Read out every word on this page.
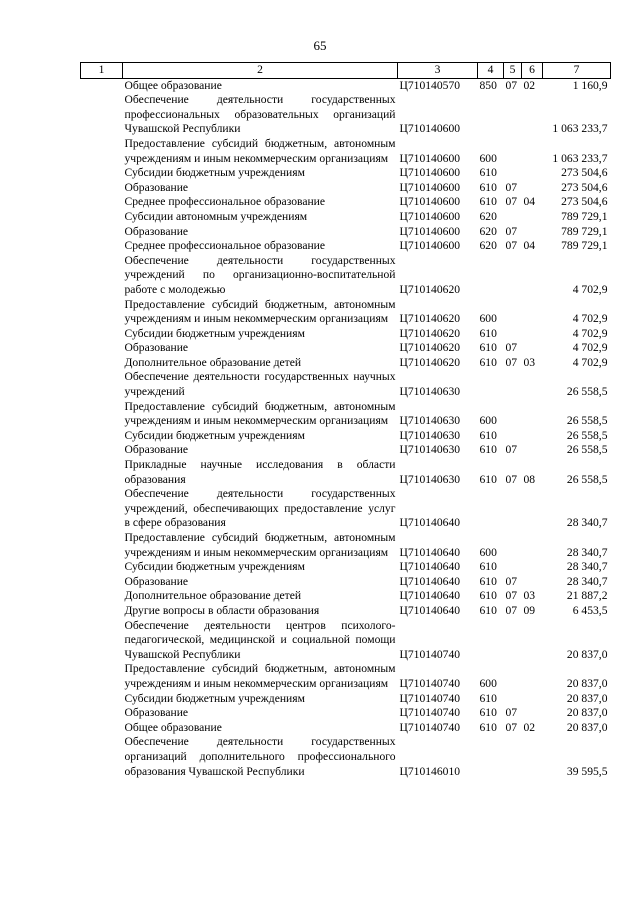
65
1	2	3	4	5	6	7
	Общее образование	Ц710140570	850	07	02	1 160,9
	Обеспечение деятельности государственных профессиональных образовательных организаций Чувашской Республики	Ц710140600				1 063 233,7
	Предоставление субсидий бюджетным, автономным учреждениям и иным некоммерческим организациям	Ц710140600	600			1 063 233,7
	Субсидии бюджетным учреждениям	Ц710140600	610			273 504,6
	Образование	Ц710140600	610	07		273 504,6
	Среднее профессиональное образование	Ц710140600	610	07	04	273 504,6
	Субсидии автономным учреждениям	Ц710140600	620			789 729,1
	Образование	Ц710140600	620	07		789 729,1
	Среднее профессиональное образование	Ц710140600	620	07	04	789 729,1
	Обеспечение деятельности государственных учреждений по организационно-воспитательной работе с молодежью	Ц710140620				4 702,9
	Предоставление субсидий бюджетным, автономным учреждениям и иным некоммерческим организациям	Ц710140620	600			4 702,9
	Субсидии бюджетным учреждениям	Ц710140620	610			4 702,9
	Образование	Ц710140620	610	07		4 702,9
	Дополнительное образование детей	Ц710140620	610	07	03	4 702,9
	Обеспечение деятельности государственных научных учреждений	Ц710140630				26 558,5
	Предоставление субсидий бюджетным, автономным учреждениям и иным некоммерческим организациям	Ц710140630	600			26 558,5
	Субсидии бюджетным учреждениям	Ц710140630	610			26 558,5
	Образование	Ц710140630	610	07		26 558,5
	Прикладные научные исследования в области образования	Ц710140630	610	07	08	26 558,5
	Обеспечение деятельности государственных учреждений, обеспечивающих предоставление услуг в сфере образования	Ц710140640				28 340,7
	Предоставление субсидий бюджетным, автономным учреждениям и иным некоммерческим организациям	Ц710140640	600			28 340,7
	Субсидии бюджетным учреждениям	Ц710140640	610			28 340,7
	Образование	Ц710140640	610	07		28 340,7
	Дополнительное образование детей	Ц710140640	610	07	03	21 887,2
	Другие вопросы в области образования	Ц710140640	610	07	09	6 453,5
	Обеспечение деятельности центров психолого-педагогической, медицинской и социальной помощи Чувашской Республики	Ц710140740				20 837,0
	Предоставление субсидий бюджетным, автономным учреждениям и иным некоммерческим организациям	Ц710140740	600			20 837,0
	Субсидии бюджетным учреждениям	Ц710140740	610			20 837,0
	Образование	Ц710140740	610	07		20 837,0
	Общее образование	Ц710140740	610	07	02	20 837,0
	Обеспечение деятельности государственных организаций дополнительного профессионального образования Чувашской Республики	Ц710146010				39 595,5
